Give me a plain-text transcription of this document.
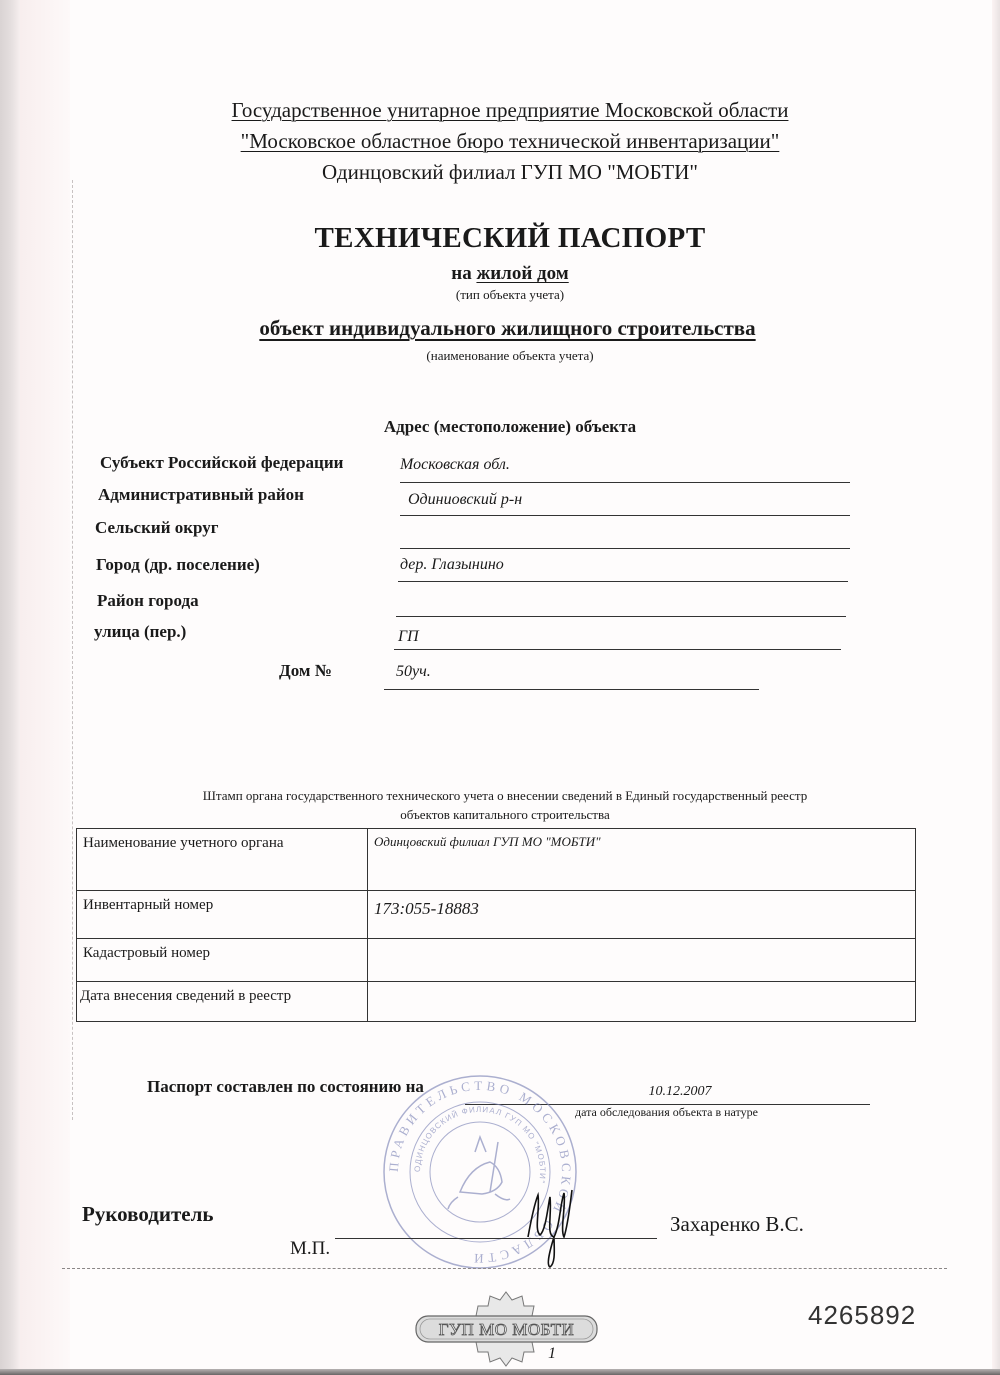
Государственное унитарное предприятие Московской области
"Московское областное бюро технической инвентаризации"
Одинцовский филиал ГУП МО "МОБТИ"
ТЕХНИЧЕСКИЙ ПАСПОРТ
на жилой дом
(тип объекта учета)
объект индивидуального жилищного строительства
(наименование объекта учета)
Адрес (местоположение) объекта
Субъект Российской федерации	Московская обл.
Административный район	Одиниовский р-н
Сельский округ
Город (др. поселение)	дер. Глазынино
Район города
улица (пер.)	ГП
Дом №	50уч.
Штамп органа государственного технического учета о внесении сведений в Единый государственный реестр
объектов капитального строительства
Наименование учетного органа	Одинцовский филиал ГУП МО "МОБТИ"
Инвентарный номер	173:055-18883
Кадастровый номер	
Дата внесения сведений в реестр	
Паспорт составлен по состоянию на	10.12.2007
дата обследования объекта в натуре
ПРАВИТЕЛЬСТВО МОСКОВСКОЙ ОБЛАСТИ
ОДИНЦОВСКИЙ ФИЛИАЛ ГУП МО "МОБТИ"
Руководитель	Захаренко В.С.
М.П.
ГУП МО МОБТИ	4265892
1
